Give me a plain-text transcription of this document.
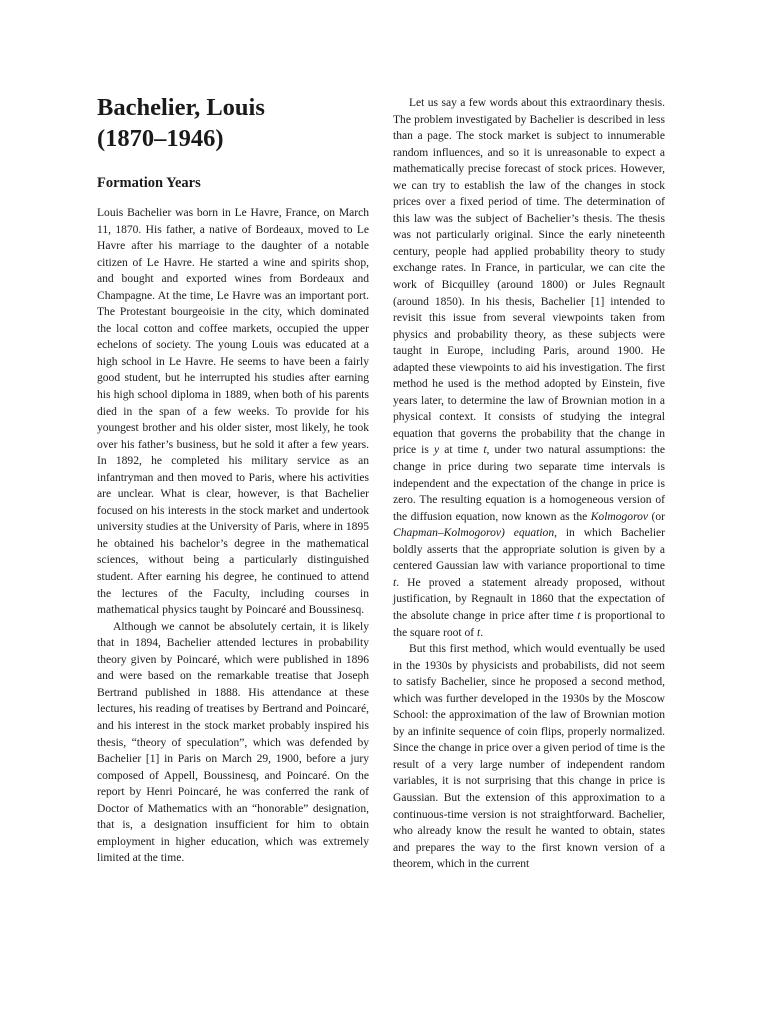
Bachelier, Louis
(1870–1946)
Formation Years

Louis Bachelier was born in Le Havre, France, on March 11, 1870. His father, a native of Bordeaux, moved to Le Havre after his marriage to the daughter of a notable citizen of Le Havre. He started a wine and spirits shop, and bought and exported wines from Bordeaux and Champagne. At the time, Le Havre was an important port. The Protestant bourgeoisie in the city, which dominated the local cotton and coffee markets, occupied the upper echelons of society. The young Louis was educated at a high school in Le Havre. He seems to have been a fairly good student, but he interrupted his studies after earning his high school diploma in 1889, when both of his parents died in the span of a few weeks. To provide for his youngest brother and his older sister, most likely, he took over his father’s business, but he sold it after a few years. In 1892, he completed his military service as an infantryman and then moved to Paris, where his activities are unclear. What is clear, however, is that Bachelier focused on his interests in the stock market and undertook university studies at the University of Paris, where in 1895 he obtained his bachelor’s degree in the mathematical sciences, without being a particularly distinguished student. After earning his degree, he continued to attend the lectures of the Faculty, including courses in mathematical physics taught by Poincaré and Boussinesq.

Although we cannot be absolutely certain, it is likely that in 1894, Bachelier attended lectures in probability theory given by Poincaré, which were published in 1896 and were based on the remarkable treatise that Joseph Bertrand published in 1888. His attendance at these lectures, his reading of treatises by Bertrand and Poincaré, and his interest in the stock market probably inspired his thesis, “theory of speculation”, which was defended by Bachelier [1] in Paris on March 29, 1900, before a jury composed of Appell, Boussinesq, and Poincaré. On the report by Henri Poincaré, he was conferred the rank of Doctor of Mathematics with an “honorable” designation, that is, a designation insufficient for him to obtain employment in higher education, which was extremely limited at the time.

Let us say a few words about this extraordinary thesis. The problem investigated by Bachelier is described in less than a page. The stock market is subject to innumerable random influences, and so it is unreasonable to expect a mathematically precise forecast of stock prices. However, we can try to establish the law of the changes in stock prices over a fixed period of time. The determination of this law was the subject of Bachelier’s thesis. The thesis was not particularly original. Since the early nineteenth century, people had applied probability theory to study exchange rates. In France, in particular, we can cite the work of Bicquilley (around 1800) or Jules Regnault (around 1850). In his thesis, Bachelier [1] intended to revisit this issue from several viewpoints taken from physics and probability theory, as these subjects were taught in Europe, including Paris, around 1900. He adapted these viewpoints to aid his investigation. The first method he used is the method adopted by Einstein, five years later, to determine the law of Brownian motion in a physical context. It consists of studying the integral equation that governs the probability that the change in price is y at time t, under two natural assumptions: the change in price during two separate time intervals is independent and the expectation of the change in price is zero. The resulting equation is a homogeneous version of the diffusion equation, now known as the Kolmogorov (or Chapman–Kolmogorov) equation, in which Bachelier boldly asserts that the appropriate solution is given by a centered Gaussian law with variance proportional to time t. He proved a statement already proposed, without justification, by Regnault in 1860 that the expectation of the absolute change in price after time t is proportional to the square root of t.

But this first method, which would eventually be used in the 1930s by physicists and probabilists, did not seem to satisfy Bachelier, since he proposed a second method, which was further developed in the 1930s by the Moscow School: the approximation of the law of Brownian motion by an infinite sequence of coin flips, properly normalized. Since the change in price over a given period of time is the result of a very large number of independent random variables, it is not surprising that this change in price is Gaussian. But the extension of this approximation to a continuous-time version is not straightforward. Bachelier, who already know the result he wanted to obtain, states and prepares the way to the first known version of a theorem, which in the current
